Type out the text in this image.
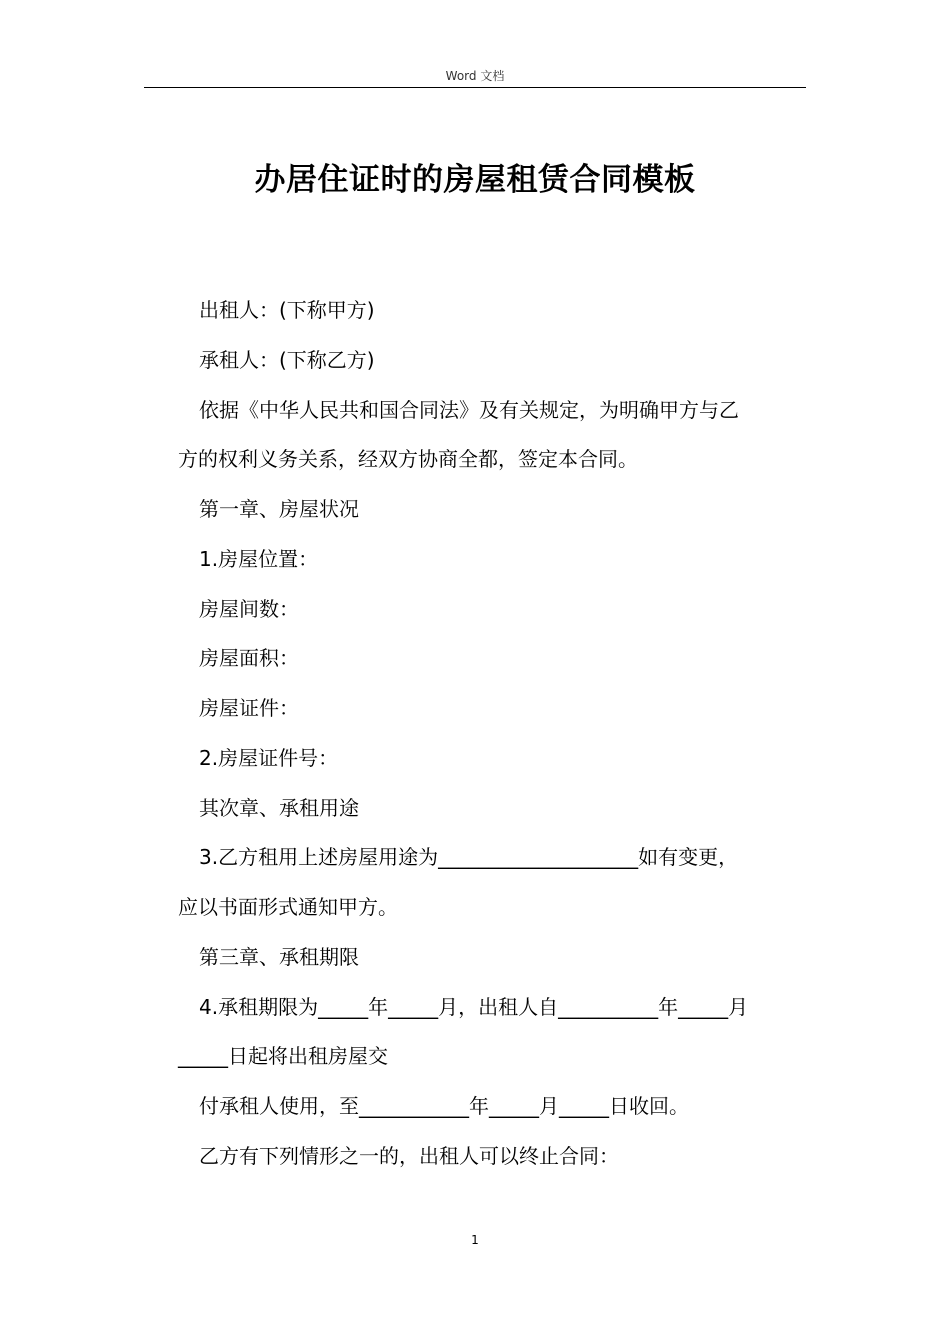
Word 文档
办居住证时的房屋租赁合同模板

出租人：(下称甲方)

承租人：(下称乙方)

依据《中华人民共和国合同法》及有关规定，为明确甲方与乙

方的权利义务关系，经双方协商全都，签定本合同。

第一章、房屋状况

1.房屋位置：

房屋间数：

房屋面积：

房屋证件：

2.房屋证件号：

其次章、承租用途

3.乙方租用上述房屋用途为____________________如有变更，

应以书面形式通知甲方。

第三章、承租期限

4.承租期限为_____年_____月，出租人自__________年_____月

_____日起将出租房屋交

付承租人使用，至___________年_____月_____日收回。

乙方有下列情形之一的，出租人可以终止合同：

1
